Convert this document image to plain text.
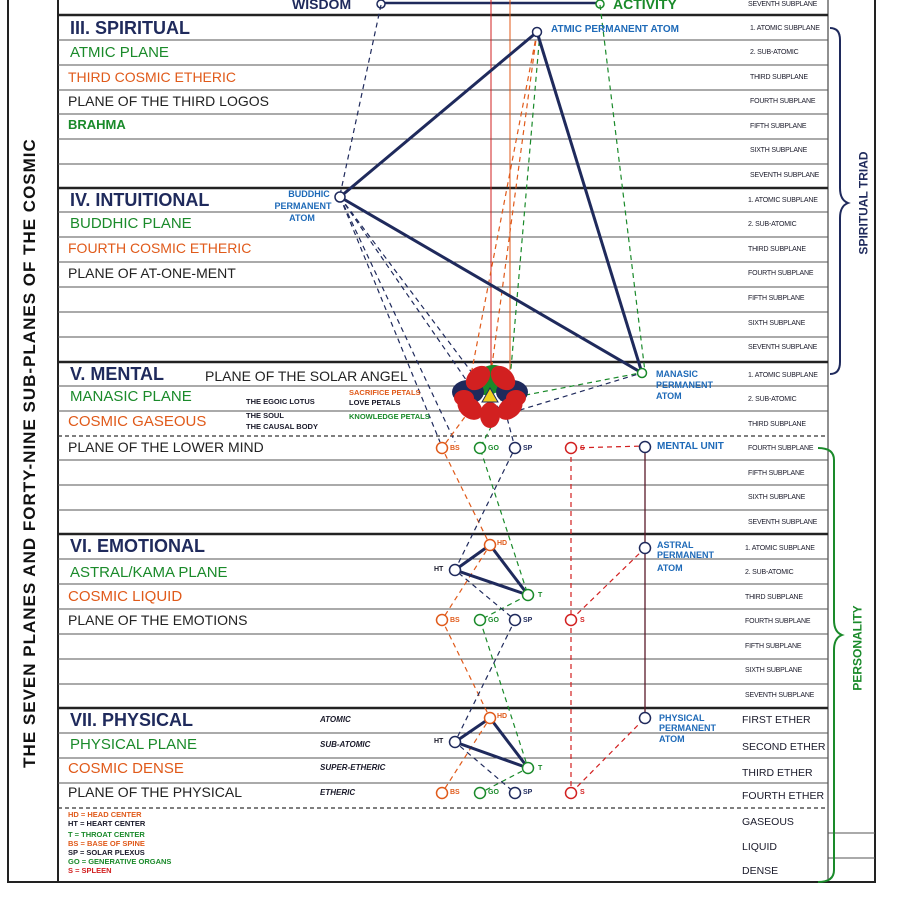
THE SEVEN PLANES AND FORTY-NINE SUB-PLANES OF THE COSMIC
WISDOM	ACTIVITY
III. SPIRITUAL
ATMIC PLANE
THIRD COSMIC ETHERIC
PLANE OF THE THIRD LOGOS
BRAHMA
IV. INTUITIONAL
BUDDHIC PLANE
FOURTH COSMIC ETHERIC
PLANE OF AT-ONE-MENT
V. MENTAL	PLANE OF THE SOLAR ANGEL
MANASIC PLANE
COSMIC GASEOUS
PLANE OF THE LOWER MIND
THE EGOIC LOTUS
THE SOUL
THE CAUSAL BODY
SACRIFICE PETALS
LOVE PETALS
KNOWLEDGE PETALS
VI. EMOTIONAL
ASTRAL/KAMA PLANE
COSMIC LIQUID
PLANE OF THE EMOTIONS
VII. PHYSICAL
PHYSICAL PLANE
COSMIC DENSE
PLANE OF THE PHYSICAL
ATOMIC
SUB-ATOMIC
SUPER-ETHERIC
ETHERIC
ATMIC PERMANENT ATOM
BUDDHIC
PERMANENT
ATOM
MANASIC
PERMANENT
ATOM
MENTAL UNIT
ASTRAL
PERMANENT
ATOM
PHYSICAL
PERMANENT
ATOM
BS	GO	SP	S
HD
HT
T
BS	GO	SP	S
HD
HT
T
BS	GO	SP	S
HD = HEAD CENTER
HT = HEART CENTER
T = THROAT CENTER
BS = BASE OF SPINE
SP = SOLAR PLEXUS
GO = GENERATIVE ORGANS
S = SPLEEN
SEVENTH SUBPLANE
1. ATOMIC SUBPLANE
2. SUB-ATOMIC
THIRD SUBPLANE
FOURTH SUBPLANE
FIFTH SUBPLANE
SIXTH SUBPLANE
SEVENTH SUBPLANE
1. ATOMIC SUBPLANE
2. SUB-ATOMIC
THIRD SUBPLANE
FOURTH SUBPLANE
FIFTH SUBPLANE
SIXTH SUBPLANE
SEVENTH SUBPLANE
1. ATOMIC SUBPLANE
2. SUB-ATOMIC
THIRD SUBPLANE
FOURTH SUBPLANE
FIFTH SUBPLANE
SIXTH SUBPLANE
SEVENTH SUBPLANE
1. ATOMIC SUBPLANE
2. SUB-ATOMIC
THIRD SUBPLANE
FOURTH SUBPLANE
FIFTH SUBPLANE
SIXTH SUBPLANE
SEVENTH SUBPLANE
FIRST ETHER
SECOND ETHER
THIRD ETHER
FOURTH ETHER
GASEOUS
LIQUID
DENSE
SPIRITUAL TRIAD
PERSONALITY
